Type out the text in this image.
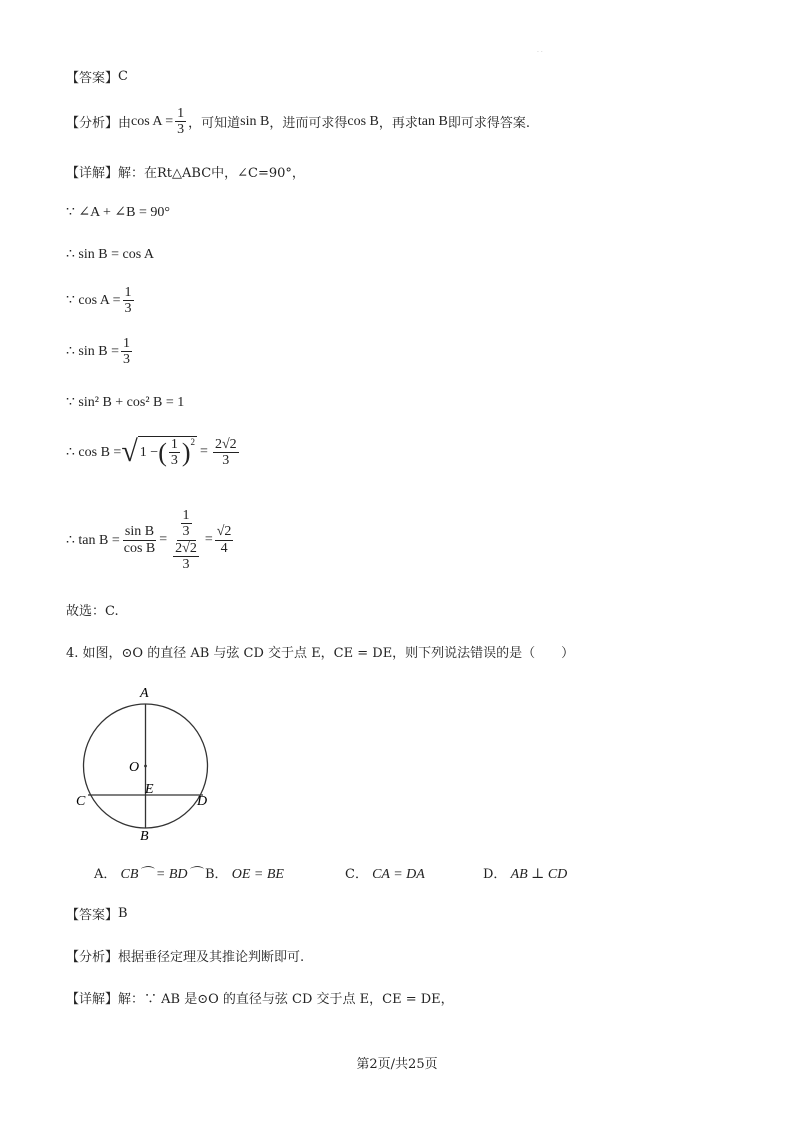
· ·
【答案】 C
【分析】 由 $\cos A = \frac{1}{3}$ ，可知道 sin B ，进而可求得 cos B ，再求 tan B 即可求得答案.
【详解】 解：在Rt△ABC中，∠C=90°，
∵ ∠A + ∠B = 90°
∴ sin B = cos A
∵ $\cos A = \frac{1}{3}$
∴ $\sin B = \frac{1}{3}$
∵ sin² B + cos² B = 1
∴ cos B = √ 1 − ( $\frac{1}{3} )^2$
= $\frac{2√2}{3}$
∴ $\tan B = \frac{\text{sin B}}{\text{cos B}} = \frac{\frac{1}{3}}{\frac{2√2}{3}} = \frac{√2}{4}$
故选：C.
4. 如图，⊙O 的直径 AB 与弦 CD 交于点 E，CE = DE，则下列说法错误的是（　　）
A
O
E
C	D
B
A． CB⌒ = BD⌒ B． OE = BE	C． CA = DA	D． AB ⊥ CD
【答案】 B
【分析】 根据垂径定理及其推论判断即可.
【详解】 解：∵ AB 是⊙O 的直径与弦 CD 交于点 E，CE = DE，
第2页/共25页
